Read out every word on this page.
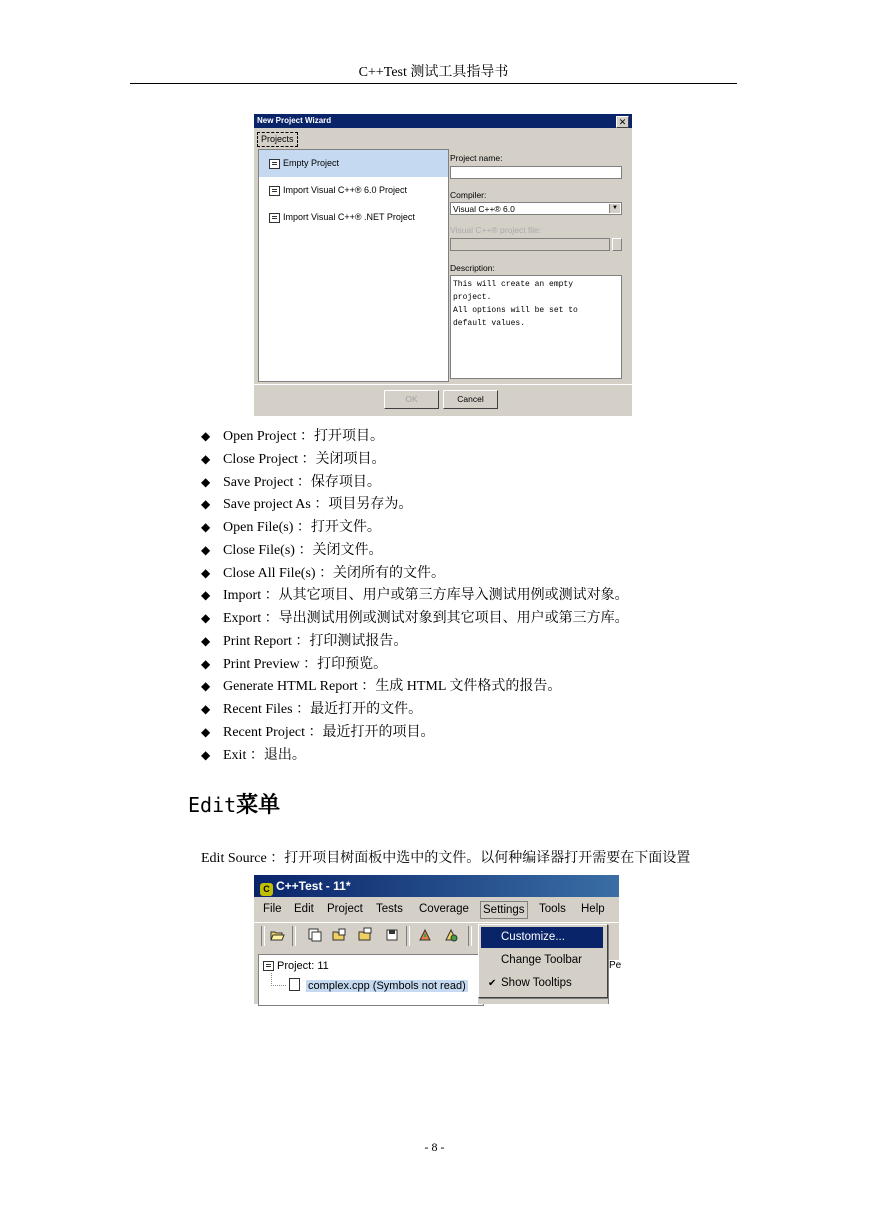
C++Test 测试工具指导书
New Project Wizard	✕
Projects
Empty Project
Import Visual C++® 6.0 Project
Import Visual C++® .NET Project
Project name:
Compiler:
Visual C++® 6.0	▼
Visual C++® project file:
Description:
This will create an empty
project.
All options will be set to
default values.
OK	Cancel
◆ Open Project ：打开项目。
◆ Close Project ：关闭项目。
◆ Save Project ：保存项目。
◆ Save project As ：项目另存为。
◆ Open File(s) ：打开文件。
◆ Close File(s) ：关闭文件。
◆ Close All File(s) ：关闭所有的文件。
◆ Import ：从其它项目、用户或第三方库导入测试用例或测试对象。
◆ Export ：导出测试用例或测试对象到其它项目、用户或第三方库。
◆ Print Report ：打印测试报告。
◆ Print Preview ：打印预览。
◆ Generate HTML Report ：生成 HTML 文件格式的报告。
◆ Recent Files ：最近打开的文件。
◆ Recent Project ：最近打开的项目。
◆ Exit ：退出。
Edit菜单
Edit Source ：打开项目树面板中选中的文件。以何种编译器打开需要在下面设置
C C++Test - 11*
File Edit Project Tests Coverage Settings Tools Help
Project: 11
complex.cpp (Symbols not read)
Pe
Customize...
Change Toolbar
✔ Show Tooltips
- 8 -
